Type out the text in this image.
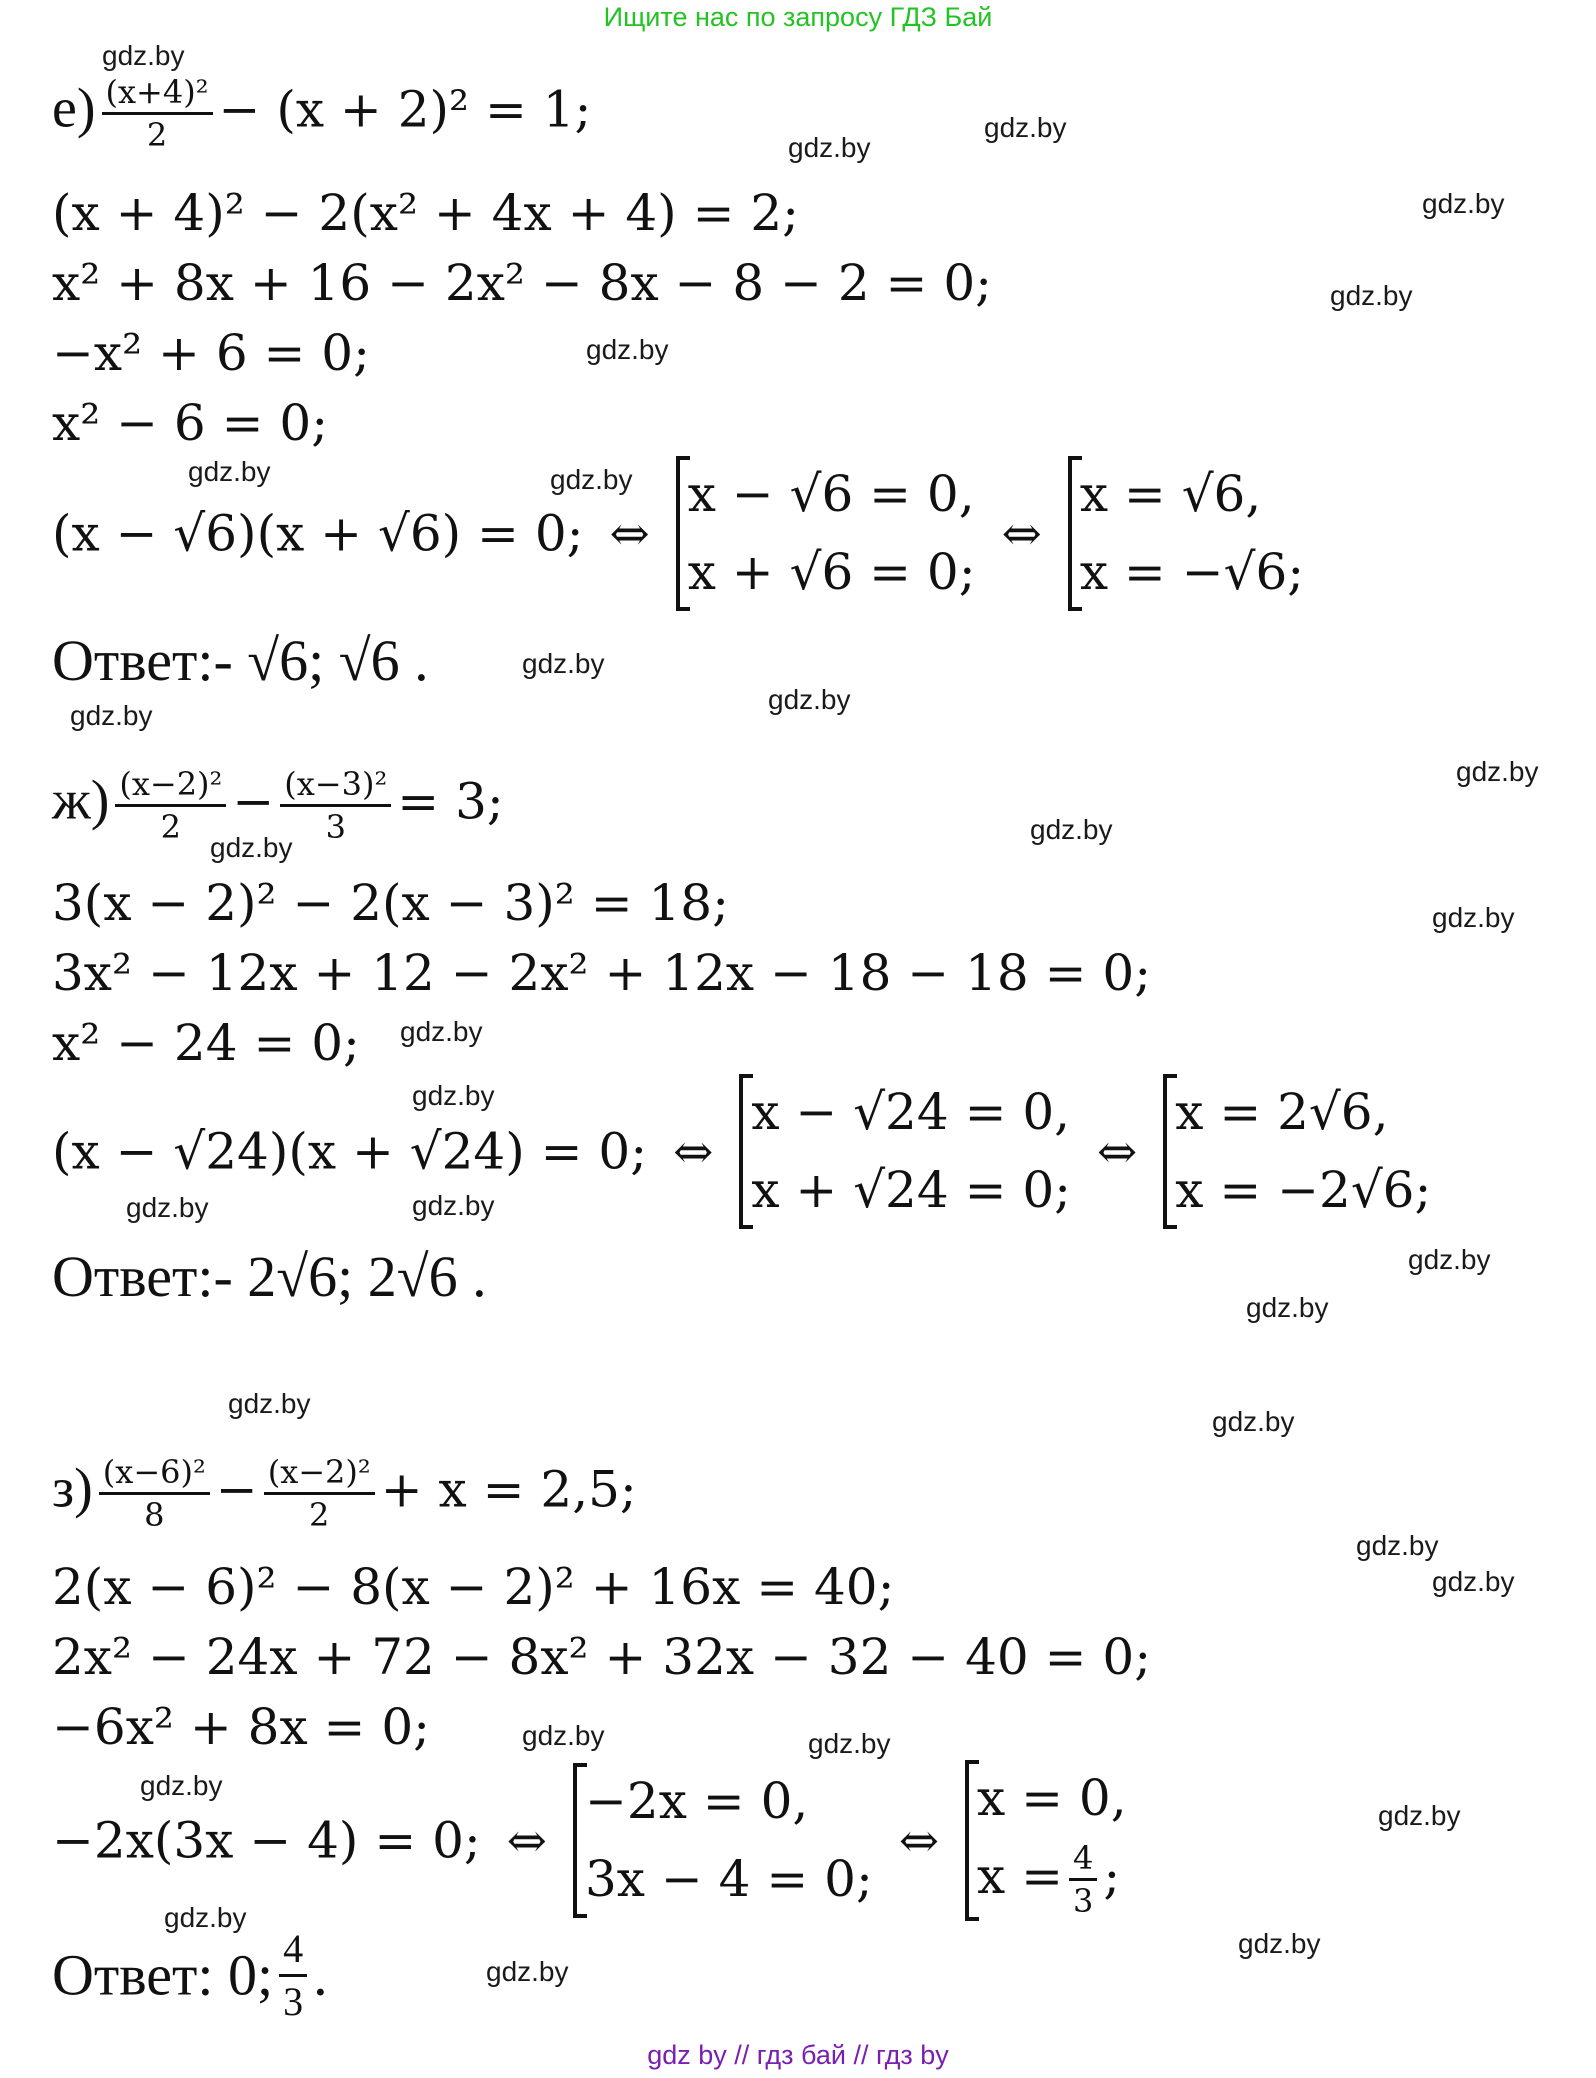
Ищите нас по запросу ГДЗ Бай
gdz.by
gdz.by
gdz.by
gdz.by
gdz.by
gdz.by
gdz.by	gdz.by
gdz.by
gdz.by
gdz.by
gdz.by
gdz.by
gdz.by
gdz.by
gdz.by
gdz.by
gdz.by	gdz.by
gdz.by
gdz.by
gdz.by
gdz.by
gdz.by
gdz.by
gdz.by	gdz.by
gdz.by
gdz.by
gdz.by
gdz.by
gdz.by
$е) \frac{\text{(x+4)²}}{2} - (x + 2)^2 = 1$;
(x + 4)² − 2(x² + 4x + 4) = 2;
x² + 8x + 16 − 2x² − 8x − 8 − 2 = 0;
−x² + 6 = 0;
x² − 6 = 0;
(x − √6)(x + √6) = 0; ⇔
x − √6 = 0,
x + √6 = 0;
⇔
x = √6,
x = −√6;
Ответ:- √6; √6 .
$ж) \frac{\text{(x−2)²}}{2} - \frac{\text{(x−3)²}}{3} = 3$;
3(x − 2)² − 2(x − 3)² = 18;
3x² − 12x + 12 − 2x² + 12x − 18 − 18 = 0;
x² − 24 = 0;
(x − √24)(x + √24) = 0; ⇔
x − √24 = 0,
x + √24 = 0;
⇔
x = 2√6,
x = −2√6;
Ответ:- 2√6; 2√6 .
$з) \frac{\text{(x−6)²}}{8} - \frac{\text{(x−2)²}}{2} + x = 2,5$;
2(x − 6)² − 8(x − 2)² + 16x = 40;
2x² − 24x + 72 − 8x² + 32x − 32 − 40 = 0;
−6x² + 8x = 0;
−2x(3x − 4) = 0; ⇔
−2x = 0,
3x − 4 = 0;
⇔
x = 0,
$x = \frac{4}{3}$ ;
Ответ: 0; $\frac{4}{3}$ .
gdz by // гдз бай // гдз by
